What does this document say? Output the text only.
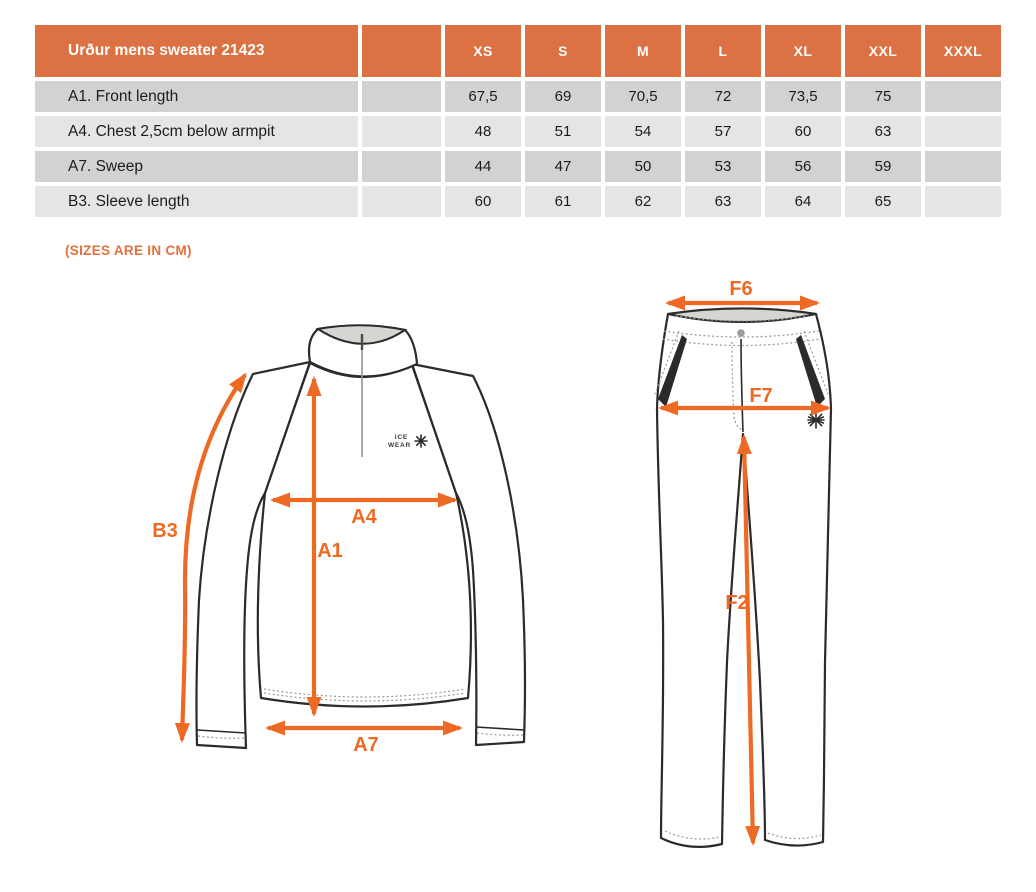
Urður mens sweater 21423	XS	S	M	L	XL	XXL	XXXL
A1. Front length	67,5	69	70,5	72	73,5	75
A4. Chest 2,5cm below armpit	48	51	54	57	60	63
A7. Sweep	44	47	50	53	56	59
B3. Sleeve length	60	61	62	63	64	65
(SIZES ARE IN CM)
ICE
WEAR
B3
A4
A1
A7
F6
F7
F2
